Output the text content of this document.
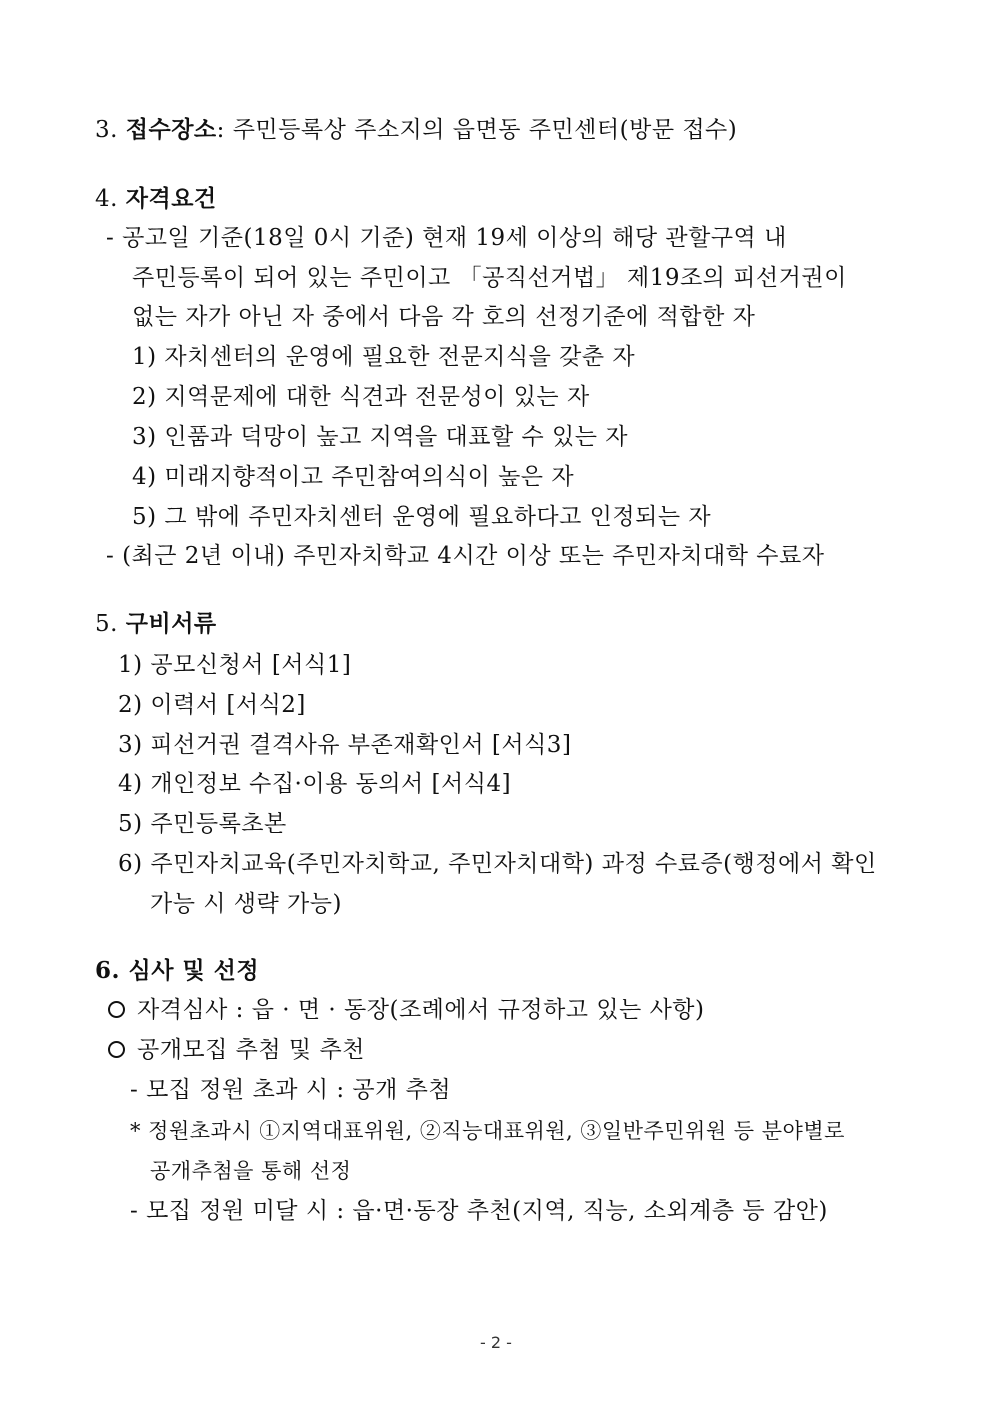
3. 접수장소: 주민등록상 주소지의 읍면동 주민센터(방문 접수)
4. 자격요건
- 공고일 기준(18일 0시 기준) 현재 19세 이상의 해당 관할구역 내
주민등록이 되어 있는 주민이고 「공직선거법」 제19조의 피선거권이
없는 자가 아닌 자 중에서 다음 각 호의 선정기준에 적합한 자
1) 자치센터의 운영에 필요한 전문지식을 갖춘 자
2) 지역문제에 대한 식견과 전문성이 있는 자
3) 인품과 덕망이 높고 지역을 대표할 수 있는 자
4) 미래지향적이고 주민참여의식이 높은 자
5) 그 밖에 주민자치센터 운영에 필요하다고 인정되는 자
- (최근 2년 이내) 주민자치학교 4시간 이상 또는 주민자치대학 수료자
5. 구비서류
1) 공모신청서 [서식1]
2) 이력서 [서식2]
3) 피선거권 결격사유 부존재확인서 [서식3]
4) 개인정보 수집·이용 동의서 [서식4]
5) 주민등록초본
6) 주민자치교육(주민자치학교, 주민자치대학) 과정 수료증(행정에서 확인
가능 시 생략 가능)
6. 심사 및 선정
자격심사 : 읍 · 면 · 동장(조례에서 규정하고 있는 사항)
공개모집 추첨 및 추천
- 모집 정원 초과 시 : 공개 추첨
* 정원초과시 ①지역대표위원, ②직능대표위원, ③일반주민위원 등 분야별로
공개추첨을 통해 선정
- 모집 정원 미달 시 : 읍·면·동장 추천(지역, 직능, 소외계층 등 감안)
- 2 -
